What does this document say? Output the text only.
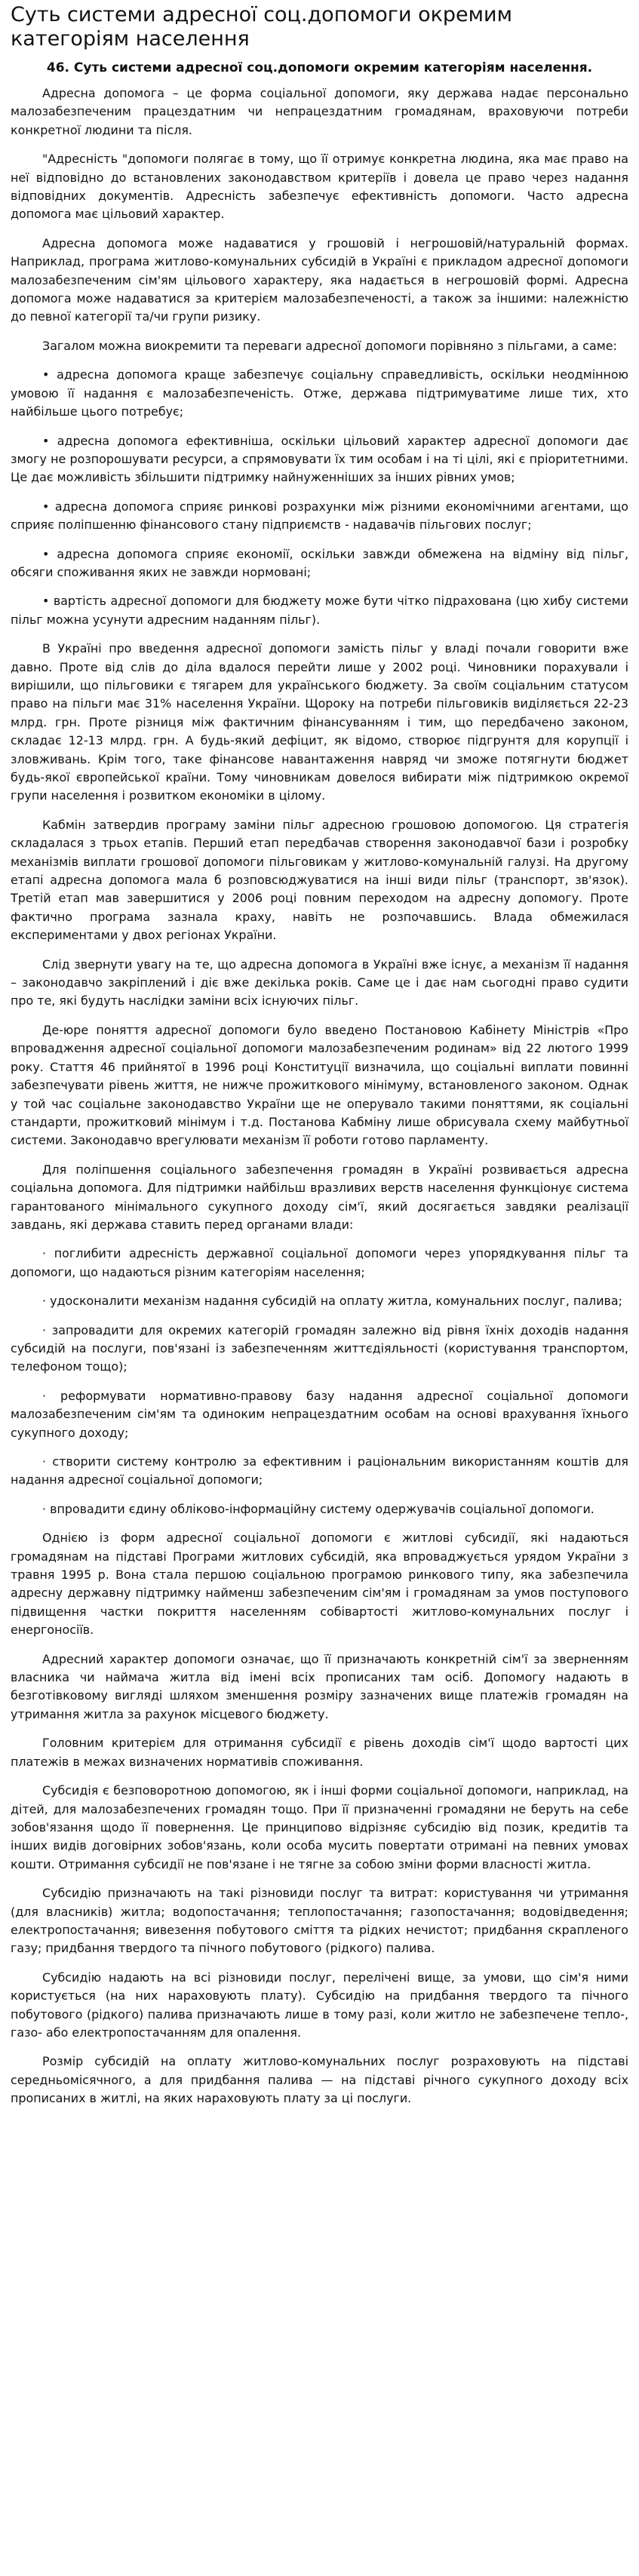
Суть системи адресної соц.допомоги окремим категоріям населення
46. Суть системи адресної соц.допомоги окремим категоріям населення.

Адресна допомога – це форма соціальної допомоги, яку держава надає персонально малозабезпеченим працездатним чи непрацездатним громадянам, враховуючи потреби конкретної людини та після.

"Адресність "допомоги полягає в тому, що її отримує конкретна людина, яка має право на неї відповідно до встановлених законодавством критеріїв і довела це право через надання відповідних документів. Адресність забезпечує ефективність допомоги. Часто адресна допомога має цільовий характер.

Адресна допомога може надаватися у грошовій і негрошовій/натуральній формах. Наприклад, програма житлово-комунальних субсидій в Україні є прикладом адресної допомоги малозабезпеченим сім'ям цільового характеру, яка надається в негрошовій формі. Адресна допомога може надаватися за критерієм малозабезпеченості, а також за іншими: належністю до певної категорії та/чи групи ризику.

Загалом можна виокремити та переваги адресної допомоги порівняно з пільгами, а саме:

• адресна допомога краще забезпечує соціальну справедливість, оскільки неодмінною умовою її надання є малозабезпеченість. Отже, держава підтримуватиме лише тих, хто найбільше цього потребує;

• адресна допомога ефективніша, оскільки цільовий характер адресної допомоги дає змогу не розпорошувати ресурси, а спрямовувати їх тим особам і на ті цілі, які є пріоритетними. Це дає можливість збільшити підтримку найнуженніших за інших рівних умов;

• адресна допомога сприяє ринкові розрахунки між різними економічними агентами, що сприяє поліпшенню фінансового стану підприємств - надавачів пільгових послуг;

• адресна допомога сприяє економії, оскільки завжди обмежена на відміну від пільг, обсяги споживання яких не завжди нормовані;

• вартість адресної допомоги для бюджету може бути чітко підрахована (цю хибу системи пільг можна усунути адресним наданням пільг).

В Україні про введення адресної допомоги замість пільг у владі почали говорити вже давно. Проте від слів до діла вдалося перейти лише у 2002 році. Чиновники порахували і вирішили, що пільговики є тягарем для українського бюджету. За своїм соціальним статусом право на пільги має 31% населення України. Щороку на потреби пільговиків виділяється 22-23 млрд. грн. Проте різниця між фактичним фінансуванням і тим, що передбачено законом, складає 12-13 млрд. грн. А будь-який дефіцит, як відомо, створює підгрунтя для корупції і зловживань. Крім того, таке фінансове навантаження навряд чи зможе потягнути бюджет будь-якої європейської країни. Тому чиновникам довелося вибирати між підтримкою окремої групи населення і розвитком економіки в цілому.

Кабмін затвердив програму заміни пільг адресною грошовою допомогою. Ця стратегія складалася з трьох етапів. Перший етап передбачав створення законодавчої бази і розробку механізмів виплати грошової допомоги пільговикам у житлово-комунальній галузі. На другому етапі адресна допомога мала б розповсюджуватися на інші види пільг (транспорт, зв'язок). Третій етап мав завершитися у 2006 році повним переходом на адресну допомогу. Проте фактично програма зазнала краху, навіть не розпочавшись. Влада обмежилася експериментами у двох регіонах України.

Слід звернути увагу на те, що адресна допомога в Україні вже існує, а механізм її надання – законодавчо закріплений і діє вже декілька років. Саме це і дає нам сьогодні право судити про те, які будуть наслідки заміни всіх існуючих пільг.

Де-юре поняття адресної допомоги було введено Постановою Кабінету Міністрів «Про впровадження адресної соціальної допомоги малозабезпеченим родинам» від 22 лютого 1999 року. Стаття 46 прийнятої в 1996 році Конституції визначила, що соціальні виплати повинні забезпечувати рівень життя, не нижче прожиткового мінімуму, встановленого законом. Однак у той час соціальне законодавство України ще не оперувало такими поняттями, як соціальні стандарти, прожитковий мінімум і т.д. Постанова Кабміну лише обрисувала схему майбутньої системи. Законодавчо врегулювати механізм її роботи готово парламенту.

Для поліпшення соціального забезпечення громадян в Україні розвивається адресна соціальна допомога. Для підтримки найбільш вразливих верств населення функціонує система гарантованого мінімального сукупного доходу сім'ї, який досягається завдяки реалізації завдань, які держава ставить перед органами влади:

· поглибити адресність державної соціальної допомоги через упорядкування пільг та допомоги, що надаються різним категоріям населення;

· удосконалити механізм надання субсидій на оплату житла, комунальних послуг, палива;

· запровадити для окремих категорій громадян залежно від рівня їхніх доходів надання субсидій на послуги, пов'язані із забезпеченням життєдіяльності (користування транспортом, телефоном тощо);

· реформувати нормативно-правову базу надання адресної соціальної допомоги малозабезпеченим сім'ям та одиноким непрацездатним особам на основі врахування їхнього сукупного доходу;

· створити систему контролю за ефективним і раціональним використанням коштів для надання адресної соціальної допомоги;

· впровадити єдину обліково-інформаційну систему одержувачів соціальної допомоги.

Однією із форм адресної соціальної допомоги є житлові субсидії, які надаються громадянам на підставі Програми житлових субсидій, яка впроваджується урядом України з травня 1995 р. Вона стала першою соціальною програмою ринкового типу, яка забезпечила адресну державну підтримку найменш забезпеченим сім'ям і громадянам за умов поступового підвищення частки покриття населенням собівартості житлово-комунальних послуг і енергоносіїв.

Адресний характер допомоги означає, що її призначають конкретній сім'ї за зверненням власника чи наймача житла від імені всіх прописаних там осіб. Допомогу надають в безготівковому вигляді шляхом зменшення розміру зазначених вище платежів громадян на утримання житла за рахунок місцевого бюджету.

Головним критерієм для отримання субсидії є рівень доходів сім'ї щодо вартості цих платежів в межах визначених нормативів споживання.

Субсидія є безповоротною допомогою, як і інші форми соціальної допомоги, наприклад, на дітей, для малозабезпечених громадян тощо. При її призначенні громадяни не беруть на себе зобов'язання щодо її повернення. Це принципово відрізняє субсидію від позик, кредитів та інших видів договірних зобов'язань, коли особа мусить повертати отримані на певних умовах кошти. Отримання субсидії не пов'язане і не тягне за собою зміни форми власності житла.

Субсидію призначають на такі різновиди послуг та витрат: користування чи утримання (для власників) житла; водопостачання; теплопостачання; газопостачання; водовідведення; електропостачання; вивезення побутового сміття та рідких нечистот; придбання скрапленого газу; придбання твердого та пічного побутового (рідкого) палива.

Субсидію надають на всі різновиди послуг, перелічені вище, за умови, що сім'я ними користується (на них нараховують плату). Субсидію на придбання твердого та пічного побутового (рідкого) палива призначають лише в тому разі, коли житло не забезпечене тепло-, газо- або електропостачанням для опалення.

Розмір субсидій на оплату житлово-комунальних послуг розраховують на підставі середньомісячного, а для придбання палива — на підставі річного сукупного доходу всіх прописаних в житлі, на яких нараховують плату за ці послуги.
